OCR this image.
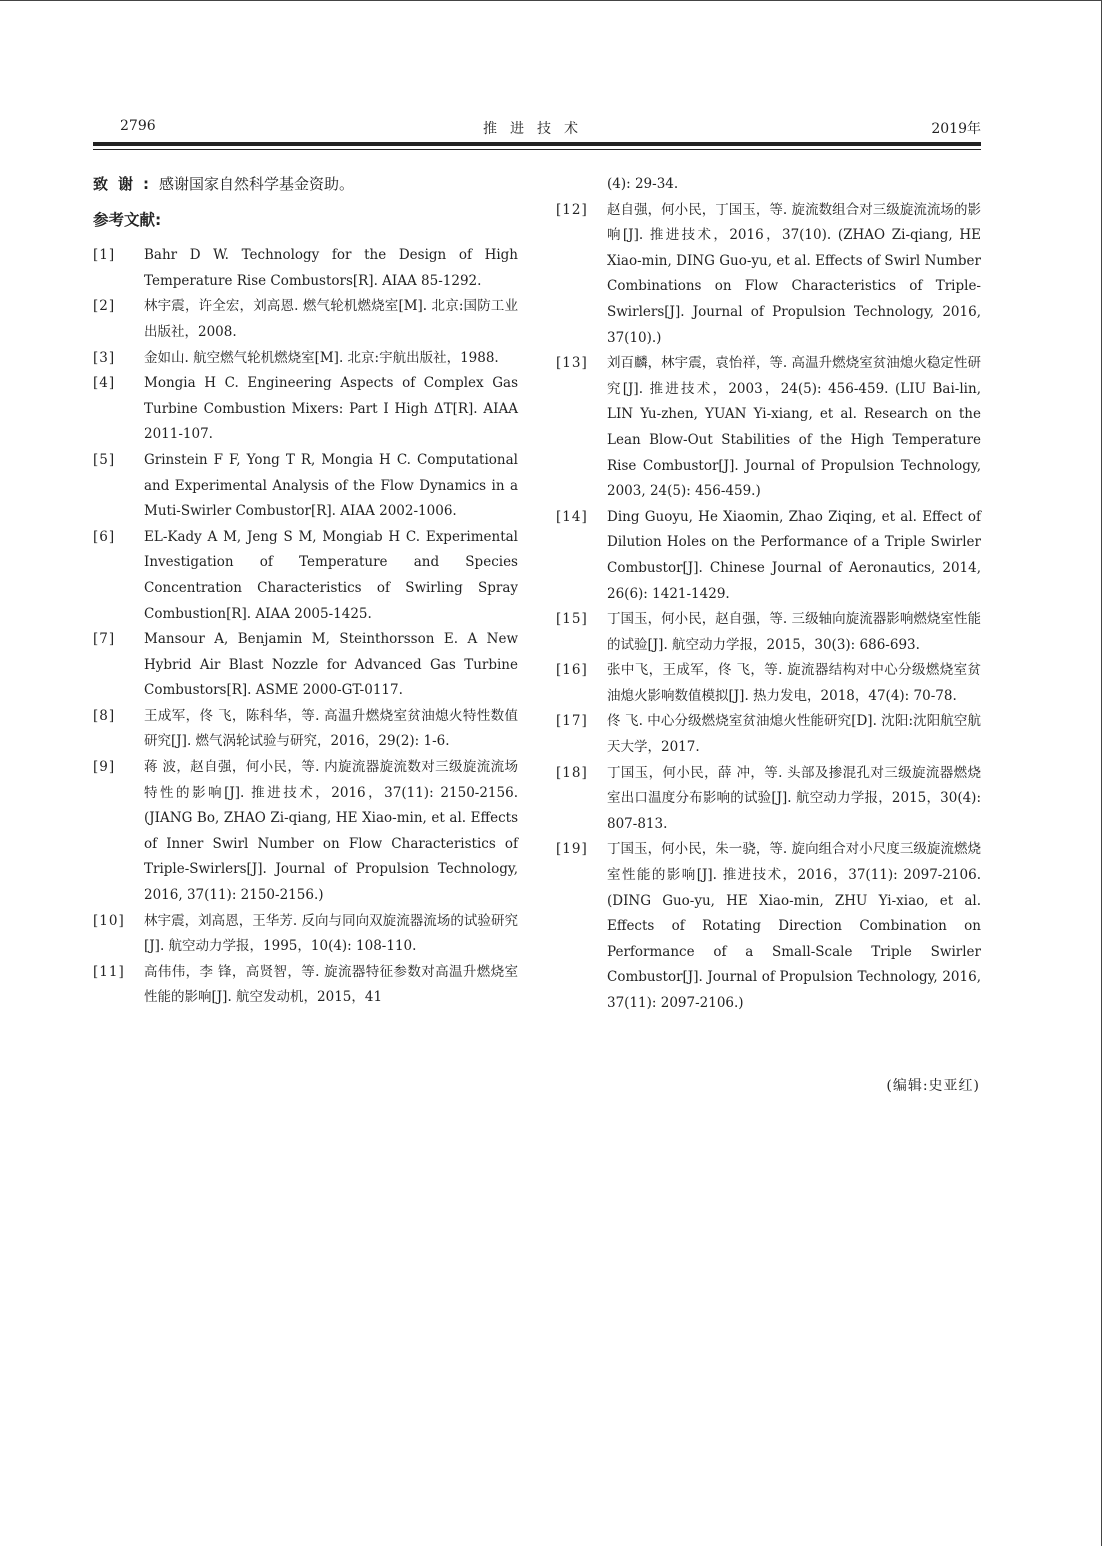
推进技术
2796	2019年
致谢:感谢国家自然科学基金资助。
参考文献:
[1]	Bahr D W. Technology for the Design of High Temperature Rise Combustors[R]. AIAA 85-1292.
[2]	林宇震，许全宏，刘高恩. 燃气轮机燃烧室[M]. 北京:国防工业出版社，2008.
[3]	金如山. 航空燃气轮机燃烧室[M]. 北京:宇航出版社，1988.
[4]	Mongia H C. Engineering Aspects of Complex Gas Turbine Combustion Mixers: Part I High ΔT[R]. AIAA 2011-107.
[5]	Grinstein F F, Yong T R, Mongia H C. Computational and Experimental Analysis of the Flow Dynamics in a Muti-Swirler Combustor[R]. AIAA 2002-1006.
[6]	EL-Kady A M, Jeng S M, Mongiab H C. Experimental Investigation of Temperature and Species Concentration Characteristics of Swirling Spray Combustion[R]. AIAA 2005-1425.
[7]	Mansour A, Benjamin M, Steinthorsson E. A New Hybrid Air Blast Nozzle for Advanced Gas Turbine Combustors[R]. ASME 2000-GT-0117.
[8]	王成军，佟 飞，陈科华，等. 高温升燃烧室贫油熄火特性数值研究[J]. 燃气涡轮试验与研究，2016，29(2): 1-6.
[9]	蒋 波，赵自强，何小民，等. 内旋流器旋流数对三级旋流流场特性的影响[J]. 推进技术，2016，37(11): 2150-2156. (JIANG Bo, ZHAO Zi-qiang, HE Xiao-min, et al. Effects of Inner Swirl Number on Flow Characteristics of Triple-Swirlers[J]. Journal of Propulsion Technology, 2016, 37(11): 2150-2156.)
[10]	林宇震，刘高恩，王华芳. 反向与同向双旋流器流场的试验研究[J]. 航空动力学报，1995，10(4): 108-110.
[11]	高伟伟，李 锋，高贤智，等. 旋流器特征参数对高温升燃烧室性能的影响[J]. 航空发动机，2015，41
(4): 29-34.
[12]	赵自强，何小民，丁国玉，等. 旋流数组合对三级旋流流场的影响[J]. 推进技术，2016，37(10). (ZHAO Zi-qiang, HE Xiao-min, DING Guo-yu, et al. Effects of Swirl Number Combinations on Flow Characteristics of Triple-Swirlers[J]. Journal of Propulsion Technology, 2016, 37(10).)
[13]	刘百麟，林宇震，袁怡祥，等. 高温升燃烧室贫油熄火稳定性研究[J]. 推进技术，2003，24(5): 456-459. (LIU Bai-lin, LIN Yu-zhen, YUAN Yi-xiang, et al. Research on the Lean Blow-Out Stabilities of the High Temperature Rise Combustor[J]. Journal of Propulsion Technology, 2003, 24(5): 456-459.)
[14]	Ding Guoyu, He Xiaomin, Zhao Ziqing, et al. Effect of Dilution Holes on the Performance of a Triple Swirler Combustor[J]. Chinese Journal of Aeronautics, 2014, 26(6): 1421-1429.
[15]	丁国玉，何小民，赵自强，等. 三级轴向旋流器影响燃烧室性能的试验[J]. 航空动力学报，2015，30(3): 686-693.
[16]	张中飞，王成军，佟 飞，等. 旋流器结构对中心分级燃烧室贫油熄火影响数值模拟[J]. 热力发电，2018，47(4): 70-78.
[17]	佟 飞. 中心分级燃烧室贫油熄火性能研究[D]. 沈阳:沈阳航空航天大学，2017.
[18]	丁国玉，何小民，薛 冲，等. 头部及掺混孔对三级旋流器燃烧室出口温度分布影响的试验[J]. 航空动力学报，2015，30(4): 807-813.
[19]	丁国玉，何小民，朱一骁，等. 旋向组合对小尺度三级旋流燃烧室性能的影响[J]. 推进技术，2016，37(11): 2097-2106. (DING Guo-yu, HE Xiao-min, ZHU Yi-xiao, et al. Effects of Rotating Direction Combination on Performance of a Small-Scale Triple Swirler Combustor[J]. Journal of Propulsion Technology, 2016, 37(11): 2097-2106.)
(编辑:史亚红)
